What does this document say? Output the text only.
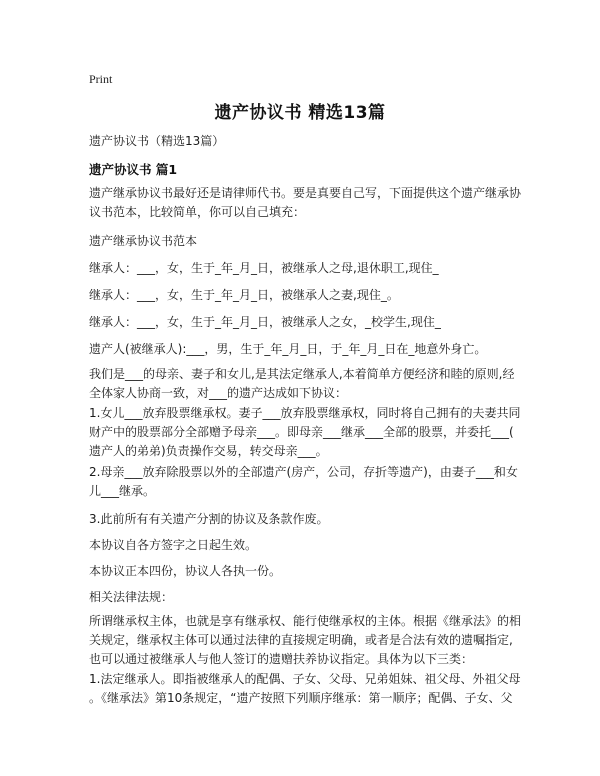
Print
遗产协议书 精选13篇
遗产协议书（精选13篇）
遗产协议书 篇1
遗产继承协议书最好还是请律师代书。要是真要自己写，下面提供这个遗产继承协
议书范本，比较简单，你可以自己填充：
遗产继承协议书范本
继承人：___，女，生于_年_月_日，被继承人之母,退休职工,现住_
继承人：___，女，生于_年_月_日，被继承人之妻,现住_。
继承人：___，女，生于_年_月_日，被继承人之女，_校学生,现住_
遗产人(被继承人):___，男，生于_年_月_日，于_年_月_日在_地意外身亡。
我们是___的母亲、妻子和女儿,是其法定继承人,本着简单方便经济和睦的原则,经
全体家人协商一致，对___的遗产达成如下协议：
1.女儿___放弃股票继承权。妻子___放弃股票继承权，同时将自己拥有的夫妻共同
财产中的股票部分全部赠予母亲___。即母亲___继承___全部的股票，并委托___(
遗产人的弟弟)负责操作交易，转交母亲___。
2.母亲___放弃除股票以外的全部遗产(房产，公司，存折等遗产)，由妻子___和女
儿___继承。
3.此前所有有关遗产分割的协议及条款作废。
本协议自各方签字之日起生效。
本协议正本四份，协议人各执一份。
相关法律法规：
所谓继承权主体，也就是享有继承权、能行使继承权的主体。根据《继承法》的相
关规定，继承权主体可以通过法律的直接规定明确，或者是合法有效的遗嘱指定,
也可以通过被继承人与他人签订的遗赠扶养协议指定。具体为以下三类：
1.法定继承人。即指被继承人的配偶、子女、父母、兄弟姐妹、祖父母、外祖父母
。《继承法》第10条规定，“遗产按照下列顺序继承：第一顺序；配偶、子女、父
